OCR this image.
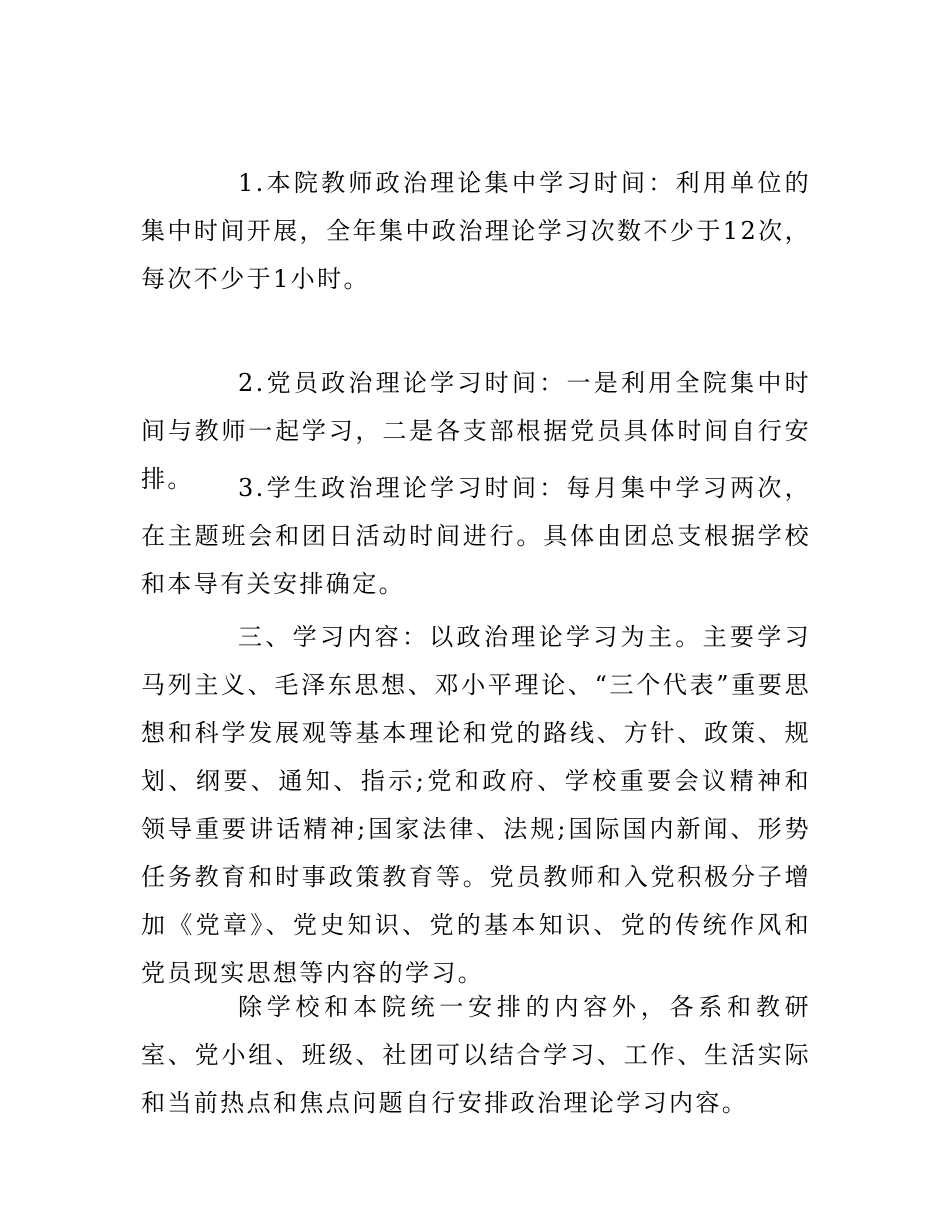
1.本院教师政治理论集中学习时间：利用单位的集中时间开展，全年集中政治理论学习次数不少于12次，每次不少于1小时。

2.党员政治理论学习时间：一是利用全院集中时间与教师一起学习，二是各支部根据党员具体时间自行安排。	3.学生政治理论学习时间：每月集中学习两次，在主题班会和团日活动时间进行。具体由团总支根据学校和本导有关安排确定。

三、学习内容：以政治理论学习为主。主要学习马列主义、毛泽东思想、邓小平理论、“三个代表”重要思想和科学发展观等基本理论和党的路线、方针、政策、规划、纲要、通知、指示;党和政府、学校重要会议精神和领导重要讲话精神;国家法律、法规;国际国内新闻、形势任务教育和时事政策教育等。党员教师和入党积极分子增加《党章》、党史知识、党的基本知识、党的传统作风和党员现实思想等内容的学习。

除学校和本院统一安排的内容外，各系和教研室、党小组、班级、社团可以结合学习、工作、生活实际和当前热点和焦点问题自行安排政治理论学习内容。
